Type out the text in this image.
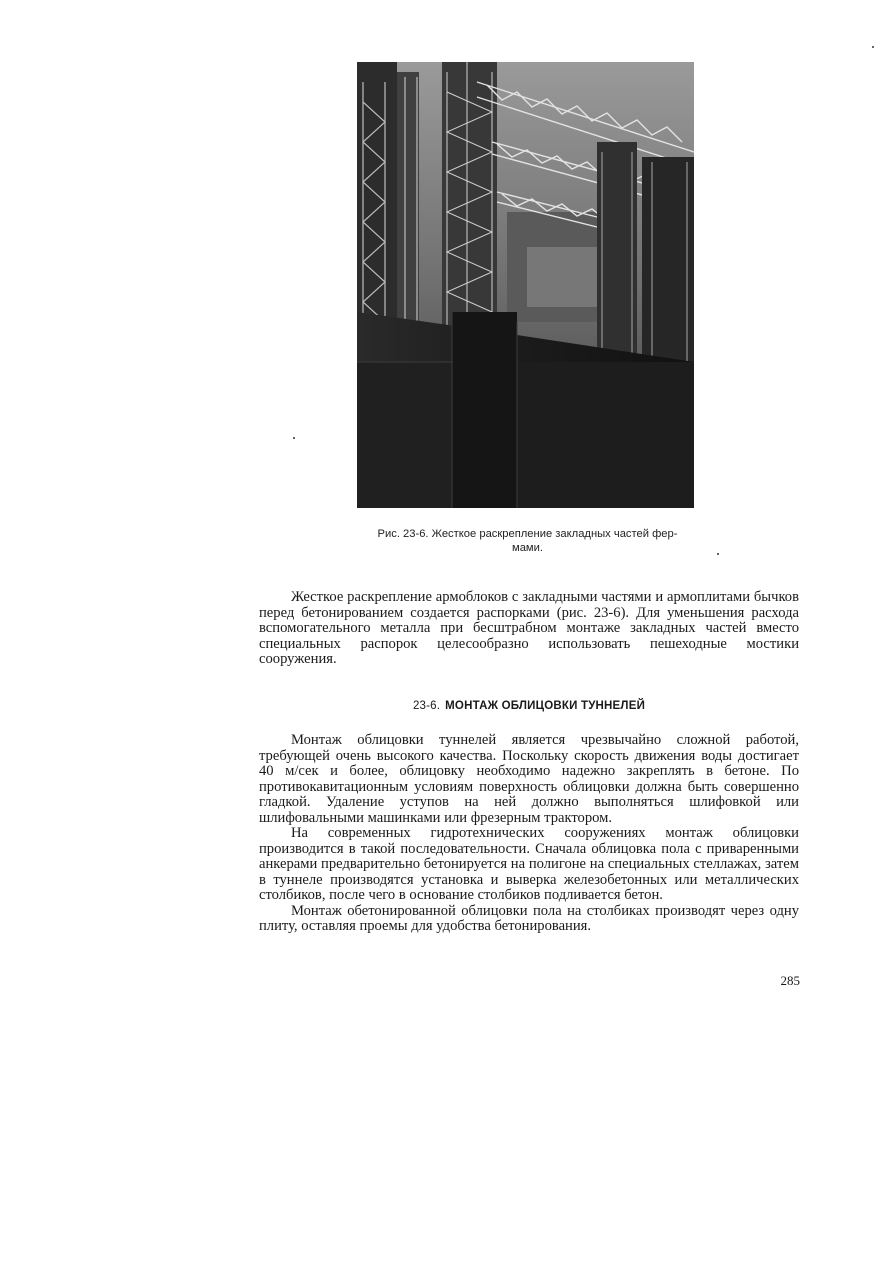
Рис. 23-6. Жесткое раскрепление закладных частей фер-
мами.

Жесткое раскрепление армоблоков с закладными частями и армоплитами бычков перед бетонированием создается распорками (рис. 23-6). Для уменьшения расхода вспомогательного металла при бесштрабном монтаже закладных частей вместо специальных распорок целесообразно использовать пешеходные мостики сооружения.

23-6. МОНТАЖ ОБЛИЦОВКИ ТУННЕЛЕЙ

Монтаж облицовки туннелей является чрезвычайно сложной работой, требующей очень высокого качества. Поскольку скорость движения воды достигает 40 м/сек и более, облицовку необходимо надежно закреплять в бетоне. По противокавитационным условиям поверхность облицовки должна быть совершенно гладкой. Удаление уступов на ней должно выполняться шлифовкой или шлифовальными машинками или фрезерным трактором.

На современных гидротехнических сооружениях монтаж облицовки производится в такой последовательности. Сначала облицовка пола с приваренными анкерами предварительно бетонируется на полигоне на специальных стеллажах, затем в туннеле производятся установка и выверка железобетонных или металлических столбиков, после чего в основание столбиков подливается бетон.

Монтаж обетонированной облицовки пола на столбиках производят через одну плиту, оставляя проемы для удобства бетонирования.

285
